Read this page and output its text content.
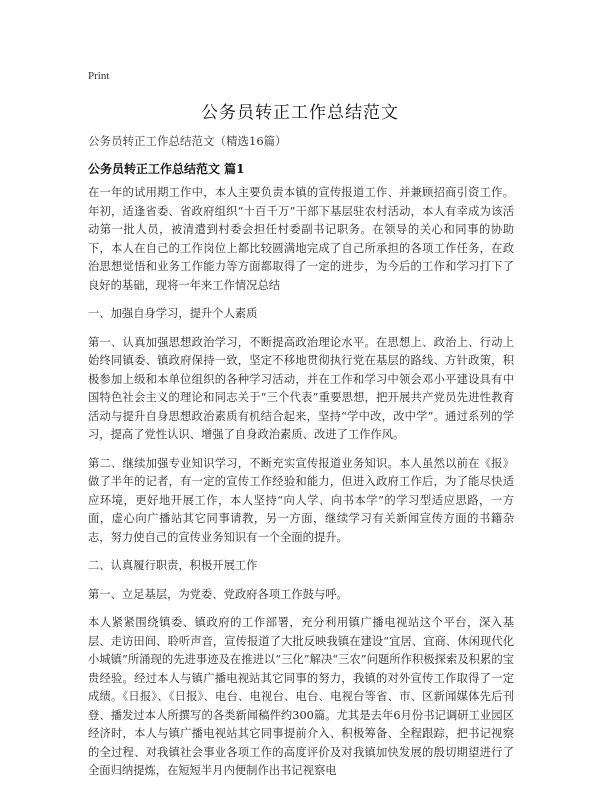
Print
公务员转正工作总结范文
公务员转正工作总结范文（精选16篇）
公务员转正工作总结范文 篇1

在一年的试用期工作中，本人主要负责本镇的宣传报道工作、并兼顾招商引资工作。年初，适逢省委、省政府组织“十百千万”干部下基层驻农村活动，本人有幸成为该活动第一批人员，被清遣到村委会担任村委副书记职务。在领导的关心和同事的协助下，本人在自己的工作岗位上都比较圆满地完成了自己所承担的各项工作任务，在政治思想觉悟和业务工作能力等方面都取得了一定的进步，为今后的工作和学习打下了良好的基础，现将一年来工作情况总结

一、加强自身学习，提升个人素质

第一、认真加强思想政治学习，不断提高政治理论水平。在思想上、政治上、行动上始终同镇委、镇政府保持一致，坚定不移地贯彻执行党在基层的路线、方针政策，积极参加上级和本单位组织的各种学习活动，并在工作和学习中领会邓小平建设具有中国特色社会主义的理论和同志关于“三个代表”重要思想，把开展共产党员先进性教育活动与提升自身思想政治素质有机结合起来，坚持“学中改，改中学”。通过系列的学习，提高了党性认识、增强了自身政治素质、改进了工作作风。

第二、继续加强专业知识学习，不断充实宣传报道业务知识。本人虽然以前在《报》做了半年的记者，有一定的宣传工作经验和能力，但进入政府工作后，为了能尽快适应环境，更好地开展工作，本人坚持“向人学、向书本学”的学习型适应思路，一方面，虚心向广播站其它同事请教，另一方面，继续学习有关新闻宣传方面的书籍杂志，努力使自己的宣传业务知识有一个全面的提升。

二、认真履行职责，积极开展工作

第一、立足基层，为党委、党政府各项工作鼓与呼。

本人紧紧围绕镇委、镇政府的工作部署，充分利用镇广播电视站这个平台，深入基层、走访田间、聆听声音，宣传报道了大批反映我镇在建设“宜居、宜商、休闲现代化小城镇”所涌现的先进事迹及在推进以“三化”解决“三农”问题所作积极探索及积累的宝贵经验。经过本人与镇广播电视站其它同事的努力，我镇的对外宣传工作取得了一定成绩。《日报》、《日报》、电台、电视台、电台、电视台等省、市、区新闻媒体先后刊登、播发过本人所撰写的各类新闻稿件约300篇。尤其是去年6月份书记调研工业园区经济时，本人与镇广播电视站其它同事提前介入、积极筹备、全程跟踪，把书记视察的全过程、对我镇社会事业各项工作的高度评价及对我镇加快发展的殷切期望进行了全面归纳提炼，在短短半月内便制作出书记视察电
